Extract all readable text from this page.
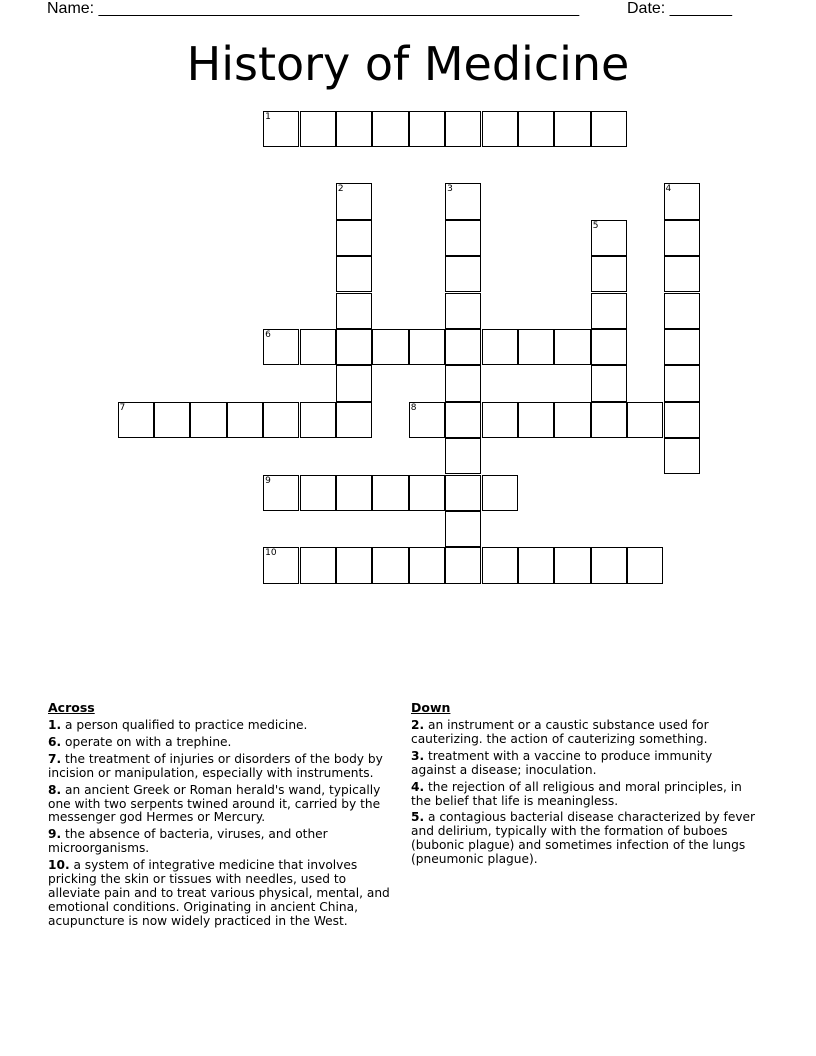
Name: ______________________________________________________	Date: _______
History of Medicine
1
2	3	4
5
6
7	8
9
10
Across
1. a person qualified to practice medicine.
6. operate on with a trephine.
7. the treatment of injuries or disorders of the body by incision or manipulation, especially with instruments.
8. an ancient Greek or Roman herald's wand, typically one with two serpents twined around it, carried by the messenger god Hermes or Mercury.
9. the absence of bacteria, viruses, and other microorganisms.
10. a system of integrative medicine that involves pricking the skin or tissues with needles, used to alleviate pain and to treat various physical, mental, and emotional conditions. Originating in ancient China, acupuncture is now widely practiced in the West.
Down
2. an instrument or a caustic substance used for cauterizing. the action of cauterizing something.
3. treatment with a vaccine to produce immunity against a disease; inoculation.
4. the rejection of all religious and moral principles, in the belief that life is meaningless.
5. a contagious bacterial disease characterized by fever and delirium, typically with the formation of buboes (bubonic plague) and sometimes infection of the lungs (pneumonic plague).
